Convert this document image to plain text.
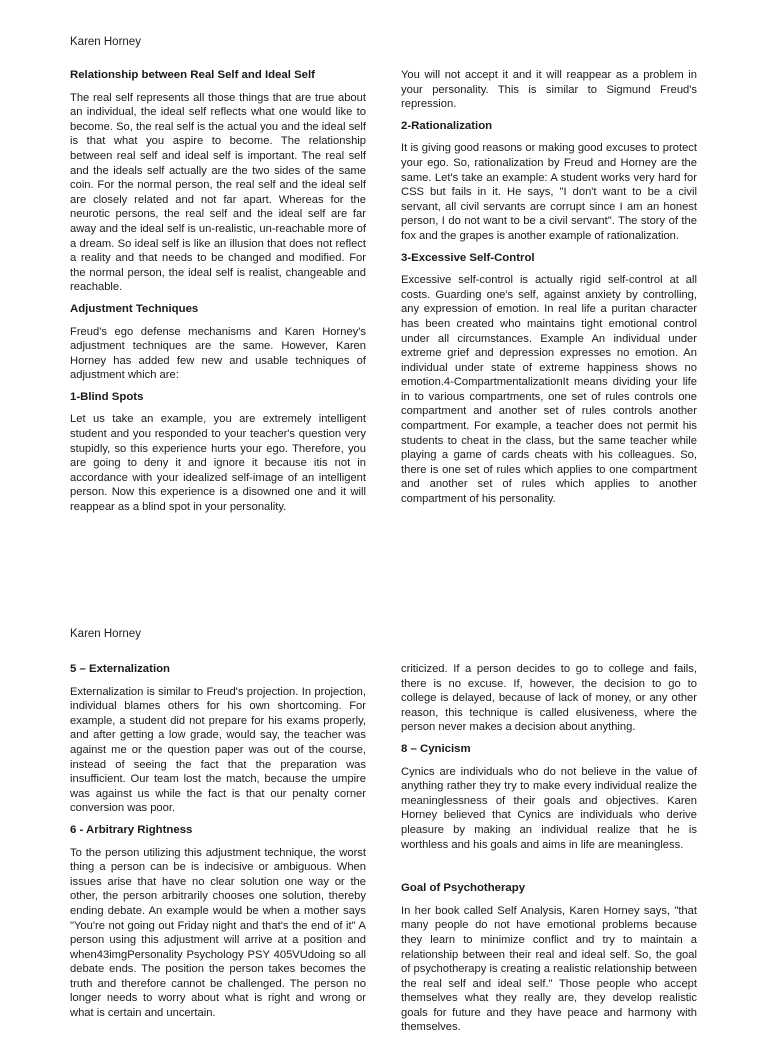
Karen Horney
Relationship between Real Self and Ideal Self
The real self represents all those things that are true about an individual, the ideal self reflects what one would like to become. So, the real self is the actual you and the ideal self is that what you aspire to become. The relationship between real self and ideal self is important. The real self and the ideals self actually are the two sides of the same coin. For the normal person, the real self and the ideal self are closely related and not far apart. Whereas for the neurotic persons, the real self and the ideal self are far away and the ideal self is un-realistic, un-reachable more of a dream. So ideal self is like an illusion that does not reflect a reality and that needs to be changed and modified. For the normal person, the ideal self is realist, changeable and reachable.
Adjustment Techniques
Freud's ego defense mechanisms and Karen Horney's adjustment techniques are the same. However, Karen Horney has added few new and usable techniques of adjustment which are:
1-Blind Spots
Let us take an example, you are extremely intelligent student and you responded to your teacher's question very stupidly, so this experience hurts your ego. Therefore, you are going to deny it and ignore it because itis not in accordance with your idealized self-image of an intelligent person. Now this experience is a disowned one and it will reappear as a blind spot in your personality.
You will not accept it and it will reappear as a problem in your personality. This is similar to Sigmund Freud's repression.
2-Rationalization
It is giving good reasons or making good excuses to protect your ego. So, rationalization by Freud and Horney are the same. Let's take an example: A student works very hard for CSS but fails in it. He says, "I don't want to be a civil servant, all civil servants are corrupt since I am an honest person, I do not want to be a civil servant". The story of the fox and the grapes is another example of rationalization.
3-Excessive Self-Control
Excessive self-control is actually rigid self-control at all costs. Guarding one's self, against anxiety by controlling, any expression of emotion. In real life a puritan character has been created who maintains tight emotional control under all circumstances. Example An individual under extreme grief and depression expresses no emotion. An individual under state of extreme happiness shows no emotion.4-CompartmentalizationIt means dividing your life in to various compartments, one set of rules controls one compartment and another set of rules controls another compartment. For example, a teacher does not permit his students to cheat in the class, but the same teacher while playing a game of cards cheats with his colleagues. So, there is one set of rules which applies to one compartment and another set of rules which applies to another compartment of his personality.
Karen Horney
5 – Externalization
Externalization is similar to Freud's projection. In projection, individual blames others for his own shortcoming. For example, a student did not prepare for his exams properly, and after getting a low grade, would say, the teacher was against me or the question paper was out of the course, instead of seeing the fact that the preparation was insufficient. Our team lost the match, because the umpire was against us while the fact is that our penalty corner conversion was poor.
6 - Arbitrary Rightness
To the person utilizing this adjustment technique, the worst thing a person can be is indecisive or ambiguous. When issues arise that have no clear solution one way or the other, the person arbitrarily chooses one solution, thereby ending debate. An example would be when a mother says "You're not going out Friday night and that's the end of it" A person using this adjustment will arrive at a position and when43imgPersonality Psychology PSY 405VUdoing so all debate ends. The position the person takes becomes the truth and therefore cannot be challenged. The person no longer needs to worry about what is right and wrong or what is certain and uncertain.
criticized. If a person decides to go to college and fails, there is no excuse. If, however, the decision to go to college is delayed, because of lack of money, or any other reason, this technique is called elusiveness, where the person never makes a decision about anything.
8 – Cynicism
Cynics are individuals who do not believe in the value of anything rather they try to make every individual realize the meaninglessness of their goals and objectives. Karen Horney believed that Cynics are individuals who derive pleasure by making an individual realize that he is worthless and his goals and aims in life are meaningless.
Goal of Psychotherapy
In her book called Self Analysis, Karen Horney says, "that many people do not have emotional problems because they learn to minimize conflict and try to maintain a relationship between their real and ideal self. So, the goal of psychotherapy is creating a realistic relationship between the real self and ideal self." Those people who accept themselves what they really are, they develop realistic goals for future and they have peace and harmony with themselves.
